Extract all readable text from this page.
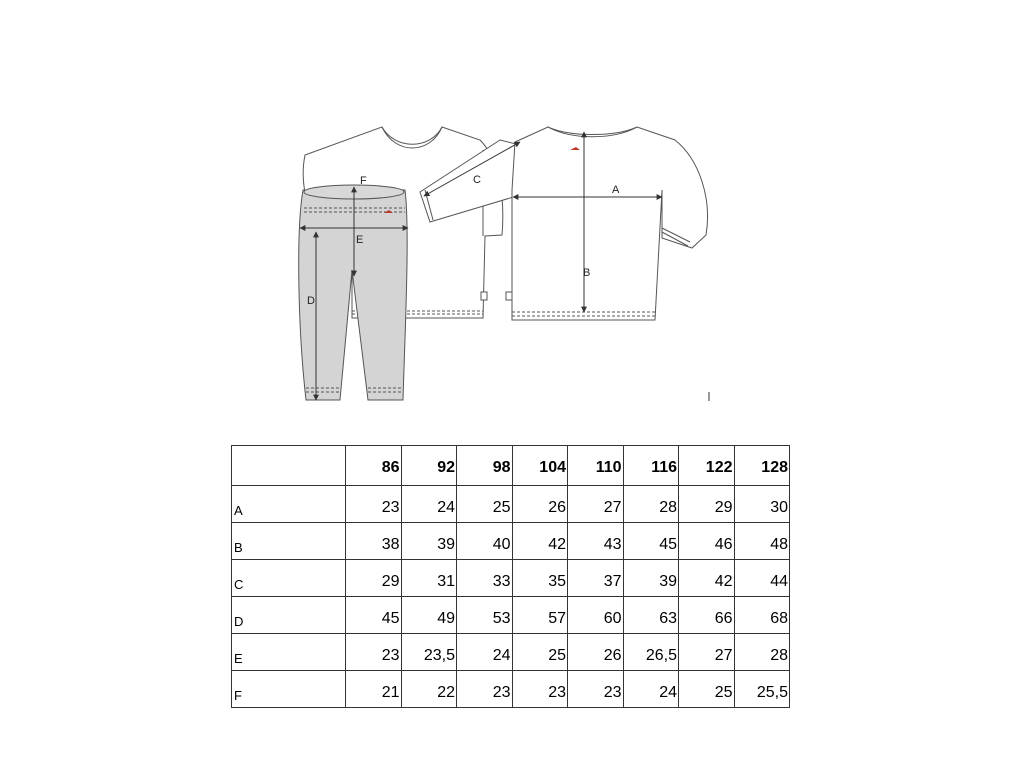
A
B
C
D
E
F
	86	92	98	104	110	116	122	128
A	23	24	25	26	27	28	29	30
B	38	39	40	42	43	45	46	48
C	29	31	33	35	37	39	42	44
D	45	49	53	57	60	63	66	68
E	23	23,5	24	25	26	26,5	27	28
F	21	22	23	23	23	24	25	25,5
